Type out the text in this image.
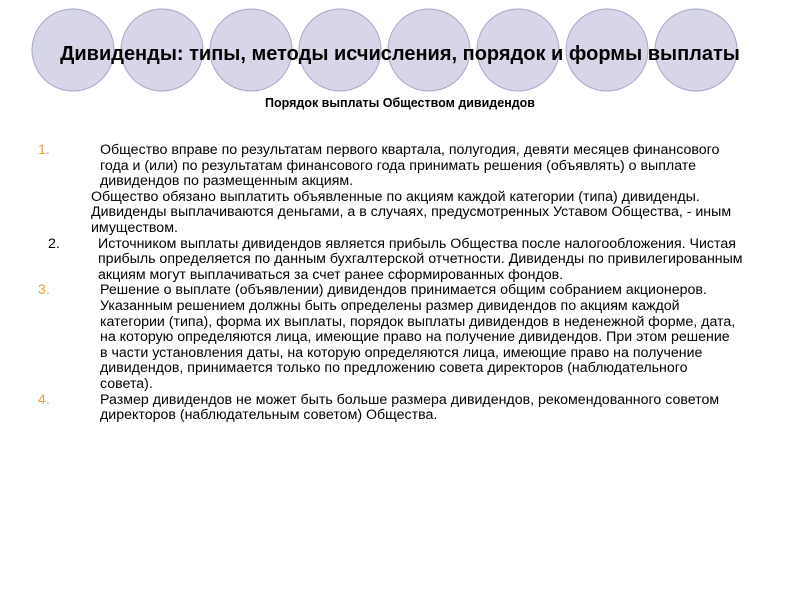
Дивиденды: типы, методы исчисления, порядок и формы выплаты
Порядок выплаты Обществом дивидендов
1.	Общество вправе по результатам первого квартала, полугодия, девяти месяцев финансового года и (или) по результатам финансового года принимать решения (объявлять) о выплате дивидендов по размещенным акциям.
Общество обязано выплатить объявленные по акциям каждой категории (типа) дивиденды. Дивиденды выплачиваются деньгами, а в случаях, предусмотренных Уставом Общества, - иным имуществом.
2.	Источником выплаты дивидендов является прибыль Общества после налогообложения. Чистая прибыль определяется по данным бухгалтерской отчетности. Дивиденды по привилегированным акциям могут выплачиваться за счет ранее сформированных фондов.
3.	Решение о выплате (объявлении) дивидендов принимается общим собранием акционеров. Указанным решением должны быть определены размер дивидендов по акциям каждой категории (типа), форма их выплаты, порядок выплаты дивидендов в неденежной форме, дата, на которую определяются лица, имеющие право на получение дивидендов. При этом решение в части установления даты, на которую определяются лица, имеющие право на получение дивидендов, принимается только по предложению совета директоров (наблюдательного совета).
4.	Размер дивидендов не может быть больше размера дивидендов, рекомендованного советом директоров (наблюдательным советом) Общества.
